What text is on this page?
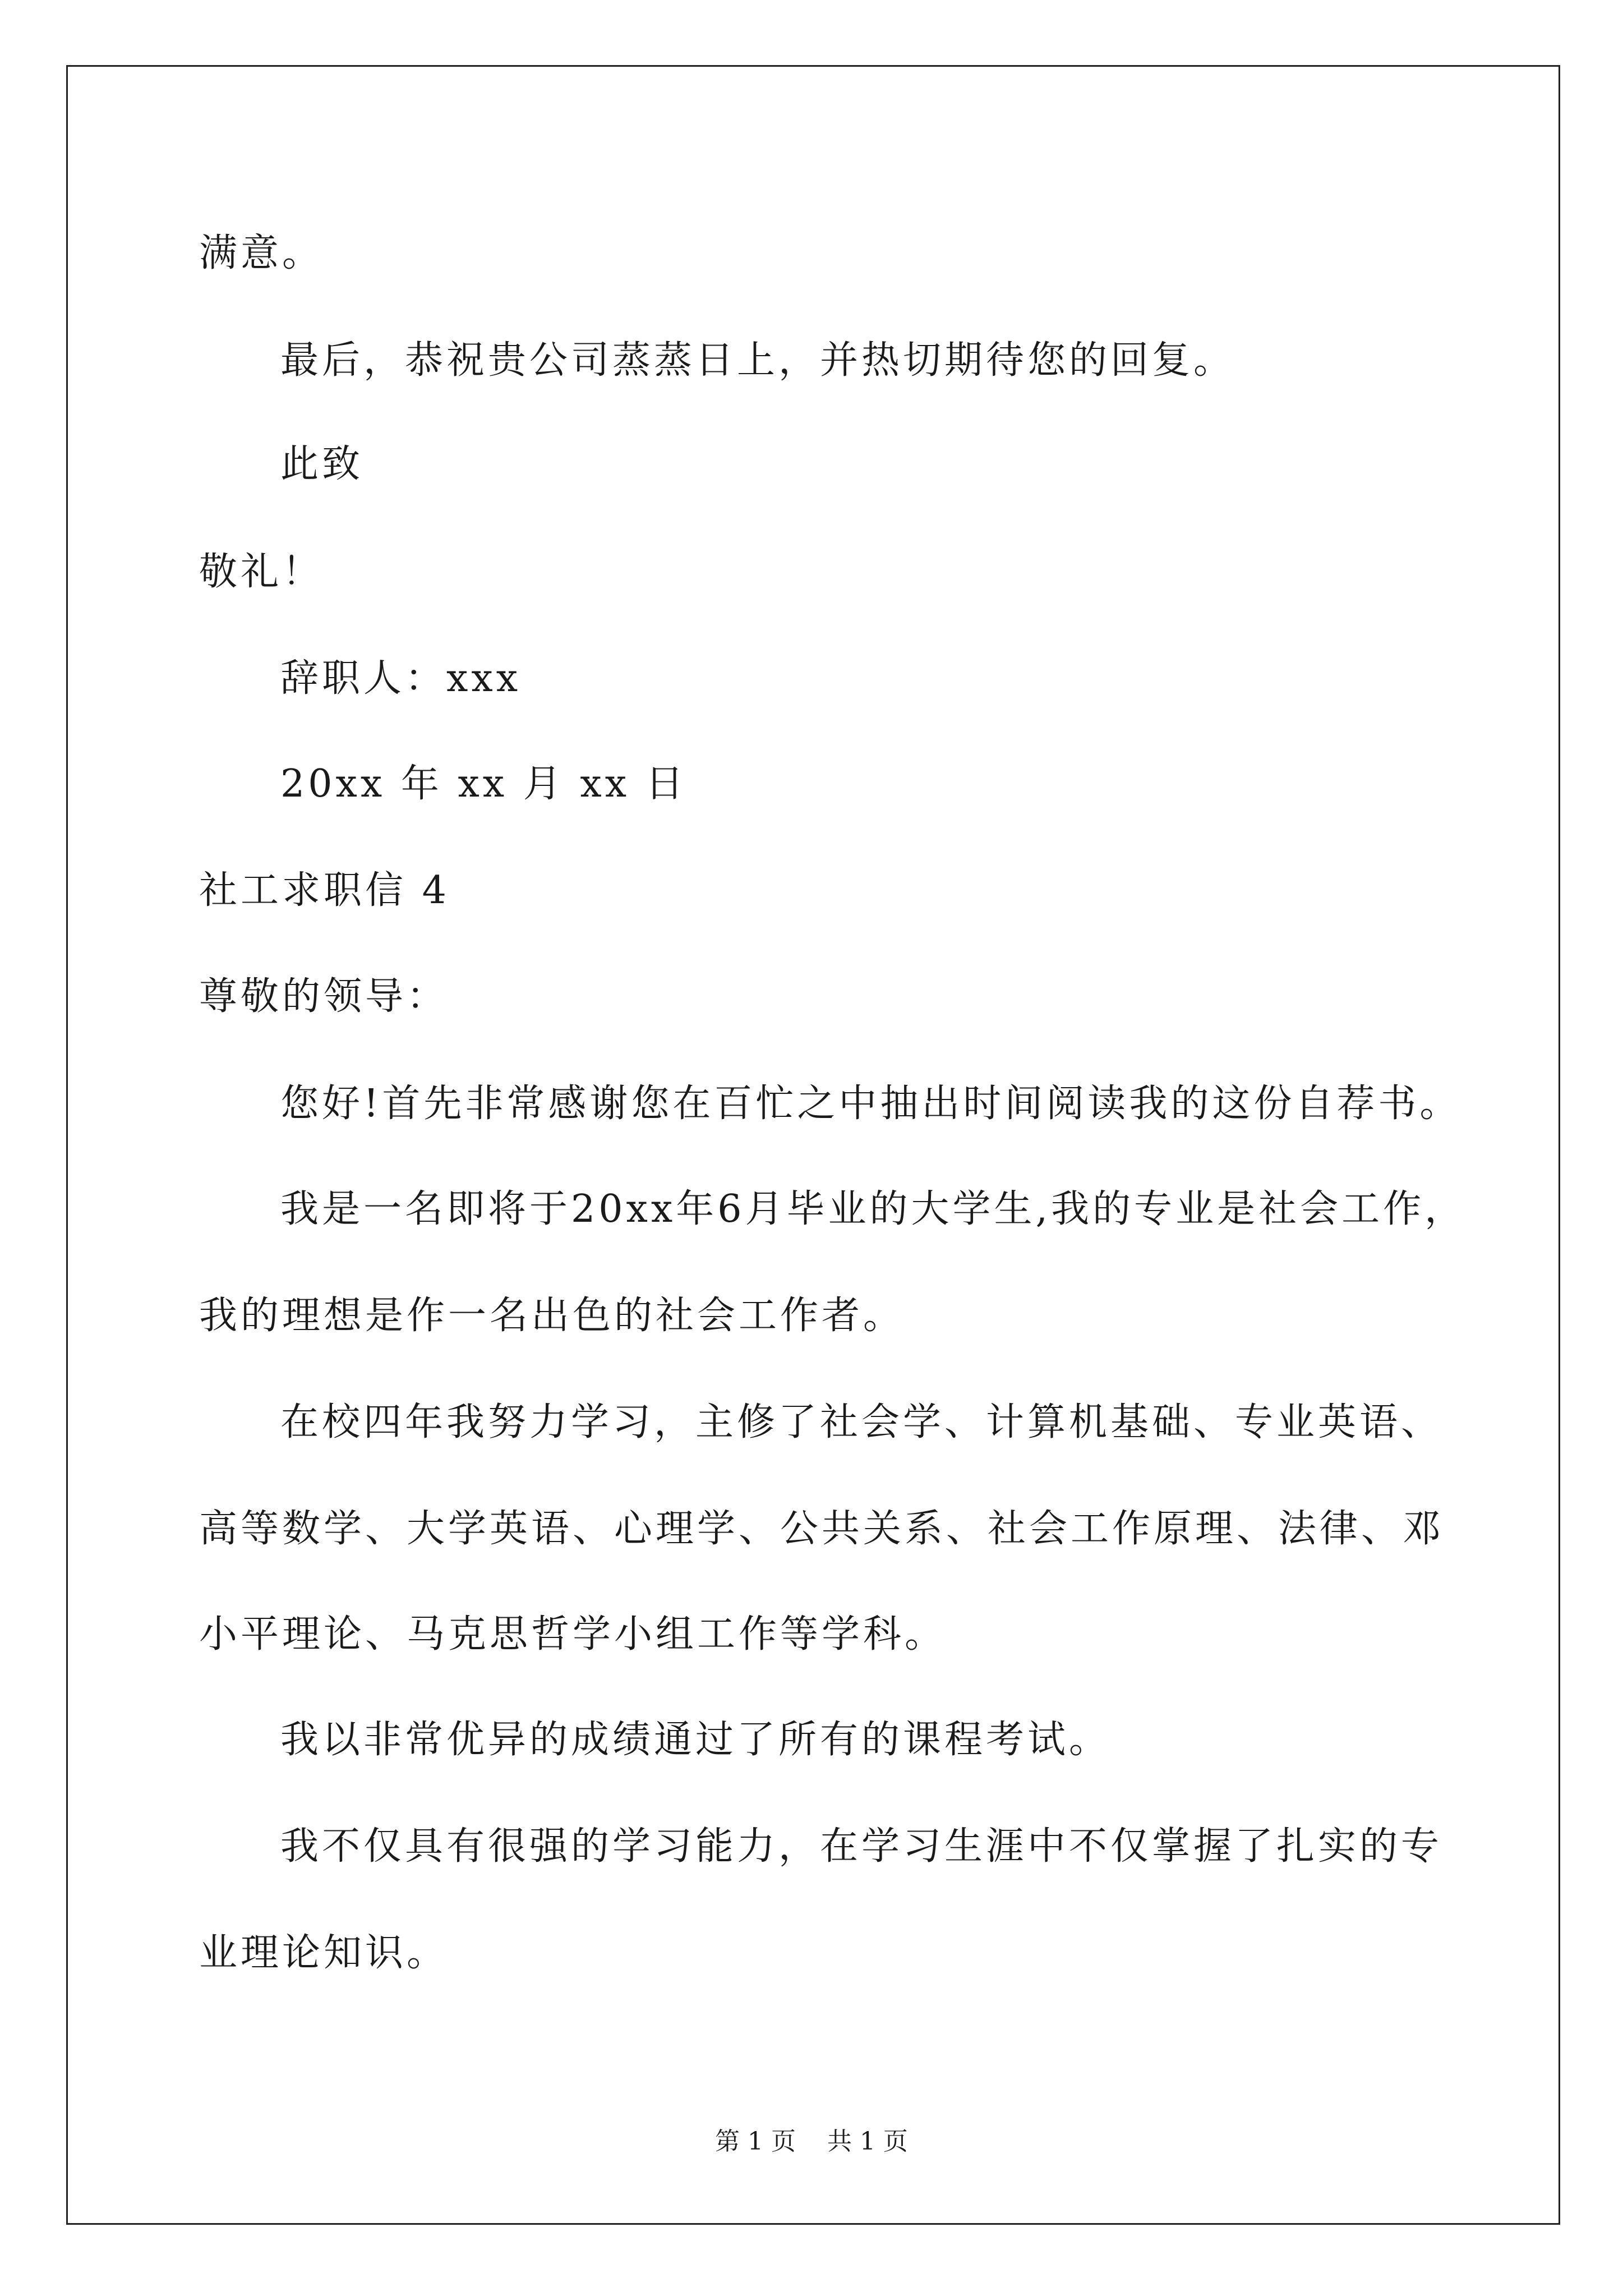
满意。
最后，恭祝贵公司蒸蒸日上，并热切期待您的回复。
此致
敬礼！
辞职人：xxx
20xx 年 xx 月 xx 日
社工求职信 4
尊敬的领导：
您好!首先非常感谢您在百忙之中抽出时间阅读我的这份自荐书。
我是一名即将于20xx年6月毕业的大学生,我的专业是社会工作，
我的理想是作一名出色的社会工作者。
在校四年我努力学习，主修了社会学、计算机基础、专业英语、
高等数学、大学英语、心理学、公共关系、社会工作原理、法律、邓
小平理论、马克思哲学小组工作等学科。
我以非常优异的成绩通过了所有的课程考试。
我不仅具有很强的学习能力，在学习生涯中不仅掌握了扎实的专
业理论知识。
第 1 页    共 1 页
